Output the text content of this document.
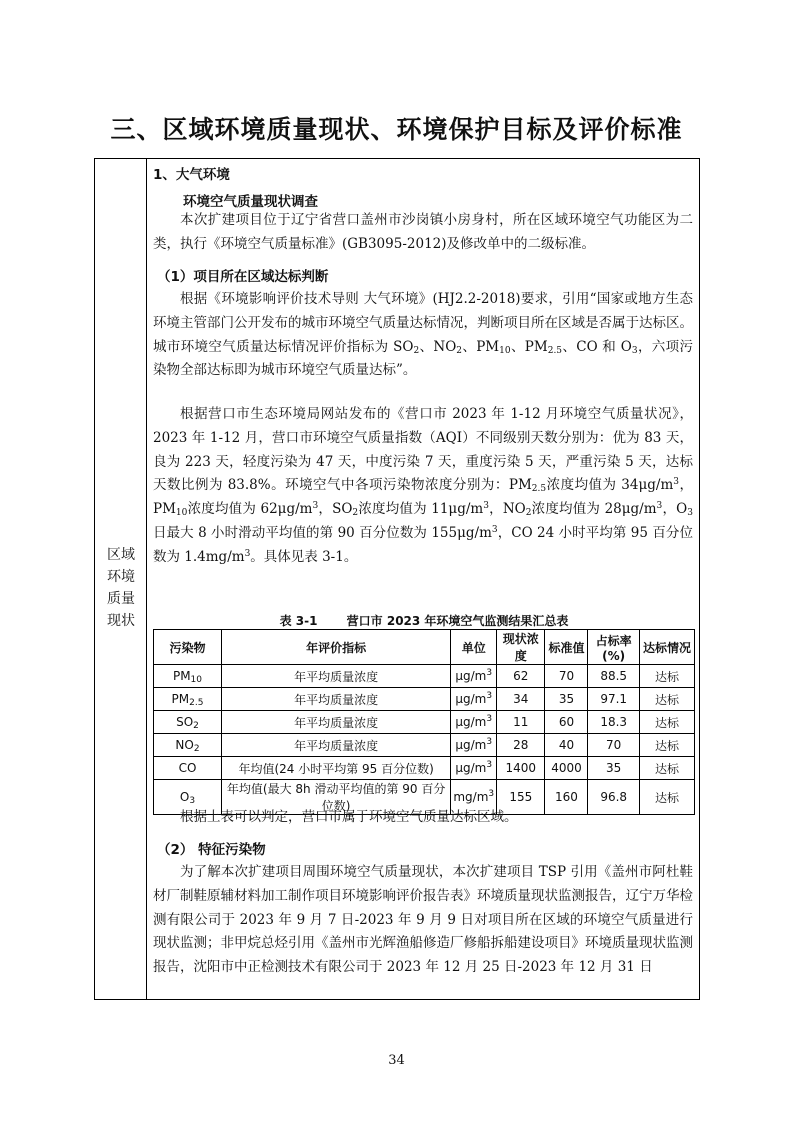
三、区域环境质量现状、环境保护目标及评价标准
区域
环境
质量
现状
1、大气环境
环境空气质量现状调查

本次扩建项目位于辽宁省营口盖州市沙岗镇小房身村，所在区域环境空气功能区为二类，执行《环境空气质量标准》(GB3095-2012)及修改单中的二级标准。

（1）项目所在区域达标判断

根据《环境影响评价技术导则 大气环境》(HJ2.2-2018)要求，引用“国家或地方生态环境主管部门公开发布的城市环境空气质量达标情况，判断项目所在区域是否属于达标区。城市环境空气质量达标情况评价指标为 $SO_2$、$NO_2$、$PM_{10}$、$PM_{2.5}$、CO 和 $O_3$，六项污染物全部达标即为城市环境空气质量达标”。

根据营口市生态环境局网站发布的《营口市 2023 年 1-12 月环境空气质量状况》，2023 年 1-12 月，营口市环境空气质量指数（AQI）不同级别天数分别为：优为 83 天，良为 223 天，轻度污染为 47 天，中度污染 7 天，重度污染 5 天，严重污染 5 天，达标天数比例为 83.8%。环境空气中各项污染物浓度分别为：$PM_{2.5}$浓度均值为 $34\mu g/m^3$，$PM_{10}$浓度均值为 $62\mu g/m^3$，$SO_2$浓度均值为 $11\mu g/m^3$，$NO_2$浓度均值为 $28\mu g/m^3$，$O_3$日最大 8 小时滑动平均值的第 90 百分位数为 $155\mu g/m^3$，CO 24 小时平均第 95 百分位数为 $1.4mg/m^3$。具体见表 3-1。

表 3-1 营口市 2023 年环境空气监测结果汇总表
污染物	年评价指标	单位	现状浓度	标准值	占标率(%)	达标情况
$PM_{10}$	年平均质量浓度	$\mu g/m^3$	62	70	88.5	达标
$PM_{2.5}$	年平均质量浓度	$\mu g/m^3$	34	35	97.1	达标
$SO_2$	年平均质量浓度	$\mu g/m^3$	11	60	18.3	达标
$NO_2$	年平均质量浓度	$\mu g/m^3$	28	40	70	达标
CO	年均值(24 小时平均第 95 百分位数)	$\mu g/m^3$	1400	4000	35	达标
$O_3$	年均值(最大 8h 滑动平均值的第 90 百分位数)	$mg/m^3$	155	160	96.8	达标

根据上表可以判定，营口市属于环境空气质量达标区域。

（2） 特征污染物

为了解本次扩建项目周围环境空气质量现状，本次扩建项目 TSP 引用《盖州市阿杜鞋材厂制鞋原辅材料加工制作项目环境影响评价报告表》环境质量现状监测报告，辽宁万华检测有限公司于 2023 年 9 月 7 日-2023 年 9 月 9 日对项目所在区域的环境空气质量进行现状监测；非甲烷总烃引用《盖州市光辉渔船修造厂修船拆船建设项目》环境质量现状监测报告，沈阳市中正检测技术有限公司于 2023 年 12 月 25 日-2023 年 12 月 31 日

34
